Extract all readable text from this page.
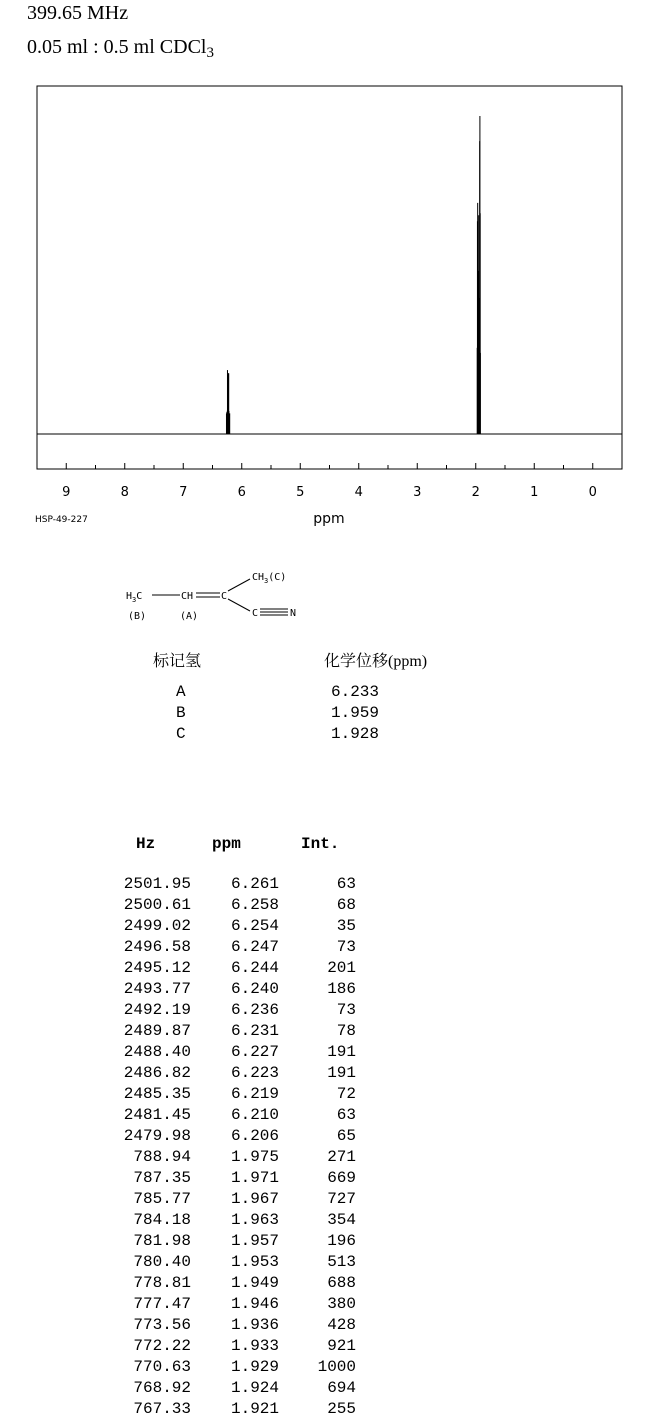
399.65 MHz
0.05 ml : 0.5 ml CDCl$_3$
9	8	7	6	5	4	3	2	1	0
ppm
HSP-49-227
$H_3C$	CH	C
$CH_3(C)$
C	N
(B)	(A)
标记氢	化学位移(ppm)
A	6.233
B	1.959
C	1.928
Hz	ppm	Int.
2501.95 6.261	63
2500.61 6.258	68
2499.02 6.254	35
2496.58 6.247	73
2495.12 6.244	201
2493.77 6.240	186
2492.19 6.236	73
2489.87 6.231	78
2488.40 6.227	191
2486.82 6.223	191
2485.35 6.219	72
2481.45 6.210	63
2479.98 6.206	65
788.94 1.975	271
787.35 1.971	669
785.77 1.967	727
784.18 1.963	354
781.98 1.957	196
780.40 1.953	513
778.81 1.949	688
777.47 1.946	380
773.56 1.936	428
772.22 1.933	921
770.63 1.929 1000
768.92 1.924	694
767.33 1.921	255
